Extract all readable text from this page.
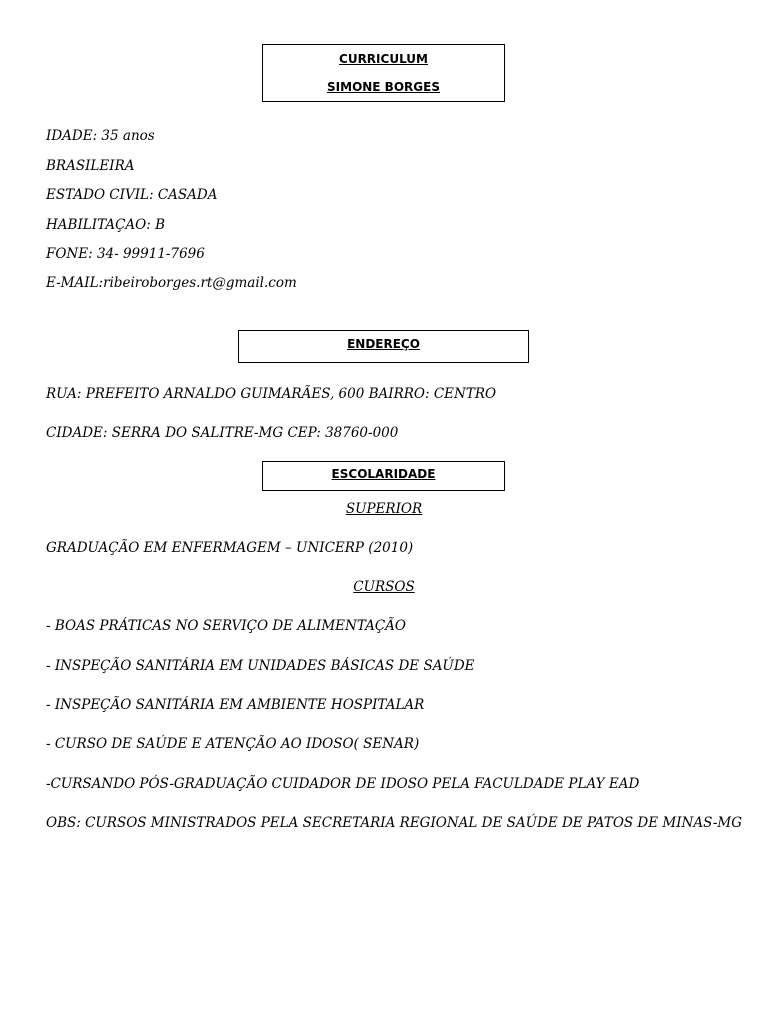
CURRICULUM
SIMONE BORGES
IDADE: 35 anos
BRASILEIRA
ESTADO CIVIL: CASADA
HABILITAÇAO: B
FONE: 34- 99911-7696
E-MAIL:ribeiroborges.rt@gmail.com
ENDEREÇO
RUA: PREFEITO ARNALDO GUIMARÃES, 600 BAIRRO: CENTRO
CIDADE: SERRA DO SALITRE-MG CEP: 38760-000
ESCOLARIDADE
SUPERIOR
GRADUAÇÃO EM ENFERMAGEM – UNICERP (2010)
CURSOS
- BOAS PRÁTICAS NO SERVIÇO DE ALIMENTAÇÃO
- INSPEÇÃO SANITÁRIA EM UNIDADES BÁSICAS DE SAÚDE
- INSPEÇÃO SANITÁRIA EM AMBIENTE HOSPITALAR
- CURSO DE SAÚDE E ATENÇÃO AO IDOSO( SENAR)
-CURSANDO PÓS-GRADUAÇÃO CUIDADOR DE IDOSO PELA FACULDADE PLAY EAD
OBS: CURSOS MINISTRADOS PELA SECRETARIA REGIONAL DE SAÚDE DE PATOS DE MINAS-MG
